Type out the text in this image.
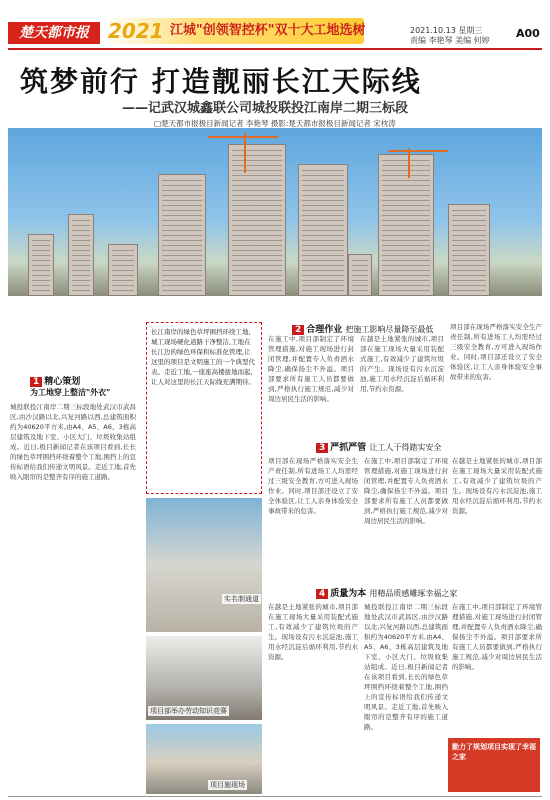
楚天都市报 2021 江城"创领智控杯"双十大工地选树	2021.10.13 星期三
责编 李艳琴 美编 何婷
A00
筑梦前行 打造靓丽长江天际线
——记武汉城鑫联公司城投联投江南岸二期三标段
□楚天都市报极目新闻记者 李艳琴 摄影:楚天都市报极目新闻记者 宋枕涛
长江南岸的绿色草坪围挡环绕工地,城工现场硬化道路干净整洁,工地在长江边的绿色环保和标准化管理,让这里的项目是文明施工的一个典型代表。走近工地,一座座高楼拔地而起,让人对这里的长江天际线充满期待。
1 精心策划
为工地穿上整洁"外衣"
城投联投江南岸二期三标段地处武汉市武昌区,由沙汉路以北,兴复河路以西,总建筑面积约为40620平方米,由A4、A5、A6、3栋高层建筑及地下室、小区大门、垃圾收集站组成。近日,极目新闻记者在该项目看到,长长的绿色草坪围挡环绕着整个工地,围挡上的宣传标语给我们传递文明风景。走近工地,首先映入眼帘的是整齐有序的施工道路。
实名制通道
项目部举办劳动知识竞赛
项目施现场
2 合理作业 把施工影响尽量降至最低
在施工中,项目部制定了环境管理措施,对施工现场进行封闭管理,并配置专人负责洒水降尘,确保扬尘不外溢。项目部要求所有施工人员都要做到,严格执行施工规范,减少对周边居民生活的影响。
在越是土地紧张的城市,项目部在施工现场大量采用装配式施工,有效减少了建筑垃圾的产生。现场设有污水沉淀池,施工用水经沉淀后循环利用,节约水资源。
项目部在现场严格落实安全生产责任制,所有进场工人均需经过三级安全教育,方可进入现场作业。同时,项目部还设立了安全体验区,让工人亲身体验安全事故带来的危害。
3 严抓严管 让工人干得踏实安全
项目部在现场严格落实安全生产责任制,所有进场工人均需经过三级安全教育,方可进入现场作业。同时,项目部还设立了安全体验区,让工人亲身体验安全事故带来的危害。
在施工中,项目部制定了环境管理措施,对施工现场进行封闭管理,并配置专人负责洒水降尘,确保扬尘不外溢。项目部要求所有施工人员都要做到,严格执行施工规范,减少对周边居民生活的影响。
在越是土地紧张的城市,项目部在施工现场大量采用装配式施工,有效减少了建筑垃圾的产生。现场设有污水沉淀池,施工用水经沉淀后循环利用,节约水资源。
4 质量为本 用精品质感雕琢幸福之家
在越是土地紧张的城市,项目部在施工现场大量采用装配式施工,有效减少了建筑垃圾的产生。现场设有污水沉淀池,施工用水经沉淀后循环利用,节约水资源。
城投联投江南岸二期三标段地处武汉市武昌区,由沙汉路以北,兴复河路以西,总建筑面积约为40620平方米,由A4、A5、A6、3栋高层建筑及地下室、小区大门、垃圾收集站组成。近日,极目新闻记者在该项目看到,长长的绿色草坪围挡环绕着整个工地,围挡上的宣传标语给我们传递文明风景。走近工地,首先映入眼帘的是整齐有序的施工道路。
在施工中,项目部制定了环境管理措施,对施工现场进行封闭管理,并配置专人负责洒水降尘,确保扬尘不外溢。项目部要求所有施工人员都要做到,严格执行施工规范,减少对周边居民生活的影响。
勤力了规划项目实现了幸福之家
